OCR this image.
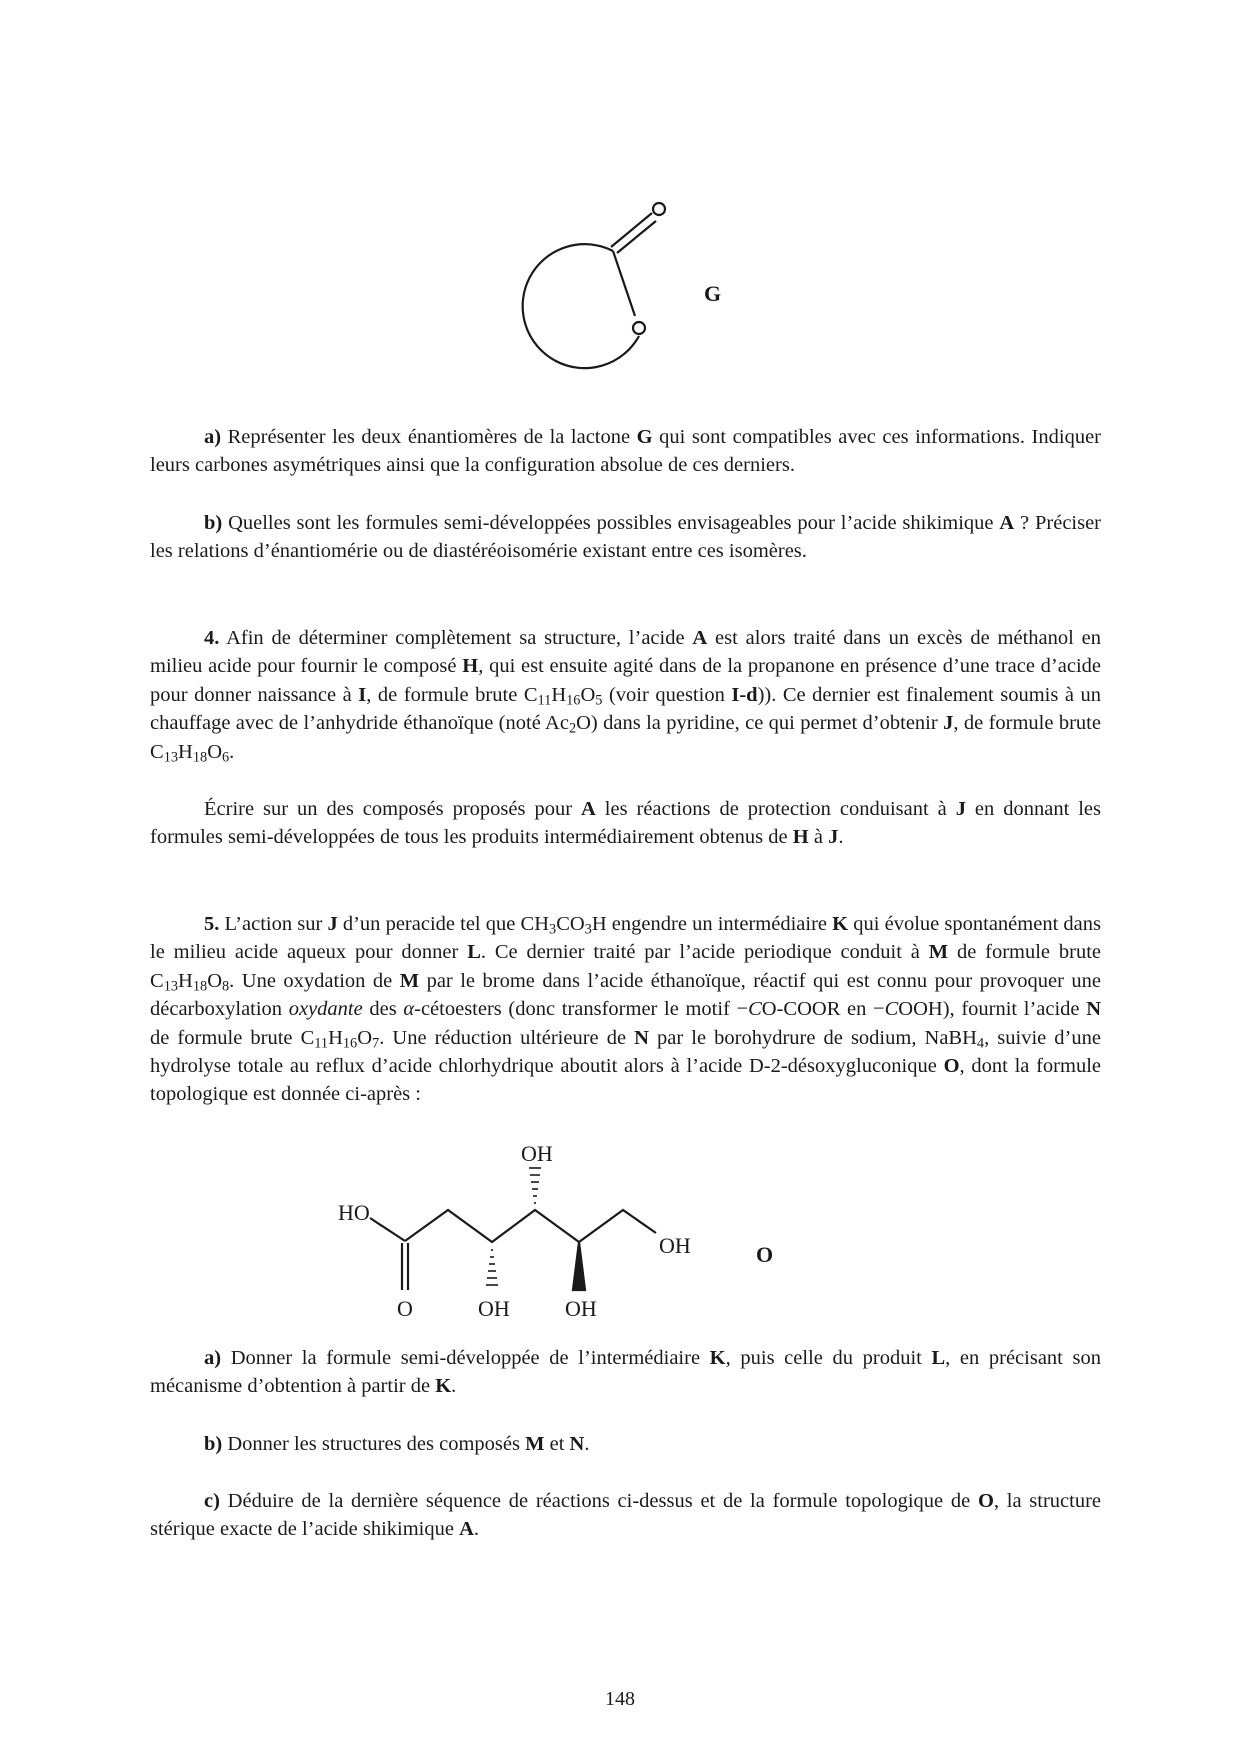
G
HO
O	OH
OH
OH
OH	O
a) Représenter les deux énantiomères de la lactone G qui sont compatibles avec ces informations. Indiquer leurs carbones asymétriques ainsi que la configuration absolue de ces derniers.
b) Quelles sont les formules semi-développées possibles envisageables pour l’acide shikimique A ? Préciser les relations d’énantiomérie ou de diastéréoisomérie existant entre ces isomères.
4. Afin de déterminer complètement sa structure, l’acide A est alors traité dans un excès de méthanol en milieu acide pour fournir le composé H, qui est ensuite agité dans de la propanone en présence d’une trace d’acide pour donner naissance à I, de formule brute $C_{11}H_{16}O_5$ (voir question I-d)). Ce dernier est finalement soumis à un chauffage avec de l’anhydride éthanoïque (noté $Ac_2O$) dans la pyridine, ce qui permet d’obtenir J, de formule brute $C_{13}H_{18}O_6$.
Écrire sur un des composés proposés pour A les réactions de protection conduisant à J en donnant les formules semi-développées de tous les produits intermédiairement obtenus de H à J.
5. L’action sur J d’un peracide tel que $CH_3CO_3H$ engendre un intermédiaire K qui évolue spontanément dans le milieu acide aqueux pour donner L. Ce dernier traité par l’acide periodique conduit à M de formule brute $C_{13}H_{18}O_8$. Une oxydation de M par le brome dans l’acide éthanoïque, réactif qui est connu pour provoquer une décarboxylation oxydante des α-cétoesters (donc transformer le motif −CO-COOR en −COOH), fournit l’acide N de formule brute $C_{11}H_{16}O_7$. Une réduction ultérieure de N par le borohydrure de sodium, NaBH$_4$, suivie d’une hydrolyse totale au reflux d’acide chlorhydrique aboutit alors à l’acide D-2-désoxygluconique O, dont la formule topologique est donnée ci-après :
a) Donner la formule semi-développée de l’intermédiaire K, puis celle du produit L, en précisant son mécanisme d’obtention à partir de K.
b) Donner les structures des composés M et N.
c) Déduire de la dernière séquence de réactions ci-dessus et de la formule topologique de O, la structure stérique exacte de l’acide shikimique A.
148
